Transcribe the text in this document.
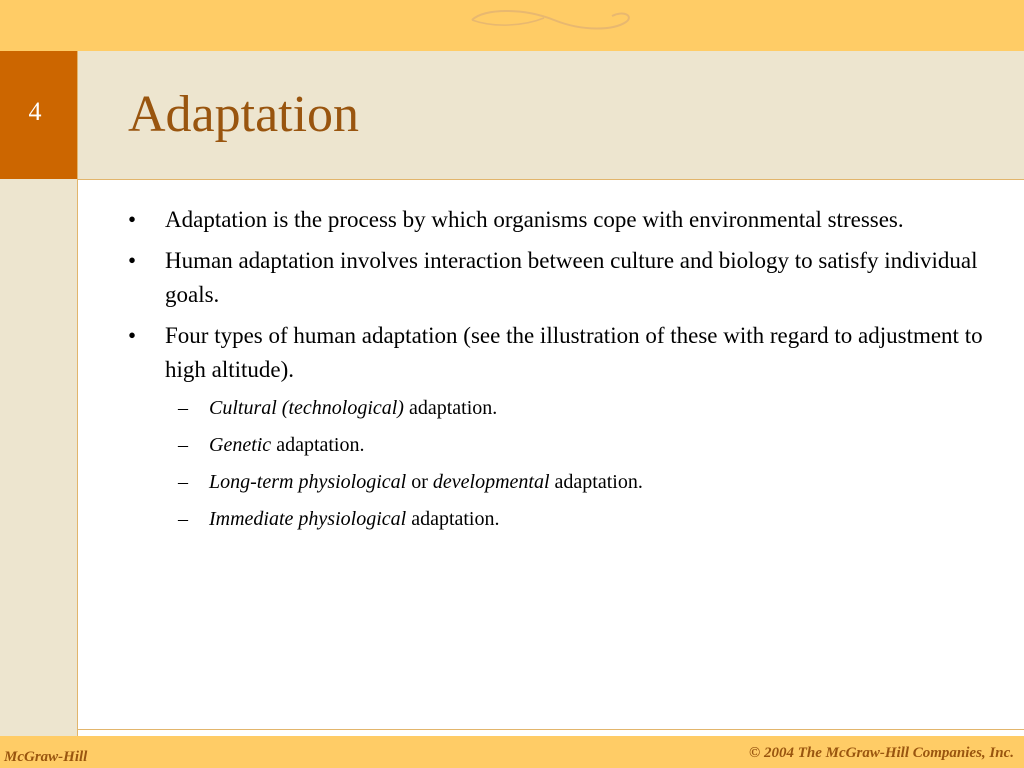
4	Adaptation
• Adaptation is the process by which organisms cope with environmental stresses.
• Human adaptation involves interaction between culture and biology to satisfy individual goals.
• Four types of human adaptation (see the illustration of these with regard to adjustment to high altitude).
– Cultural (technological) adaptation.
– Genetic adaptation.
– Long-term physiological or developmental adaptation.
– Immediate physiological adaptation.
McGraw-Hill	© 2004 The McGraw-Hill Companies, Inc.
